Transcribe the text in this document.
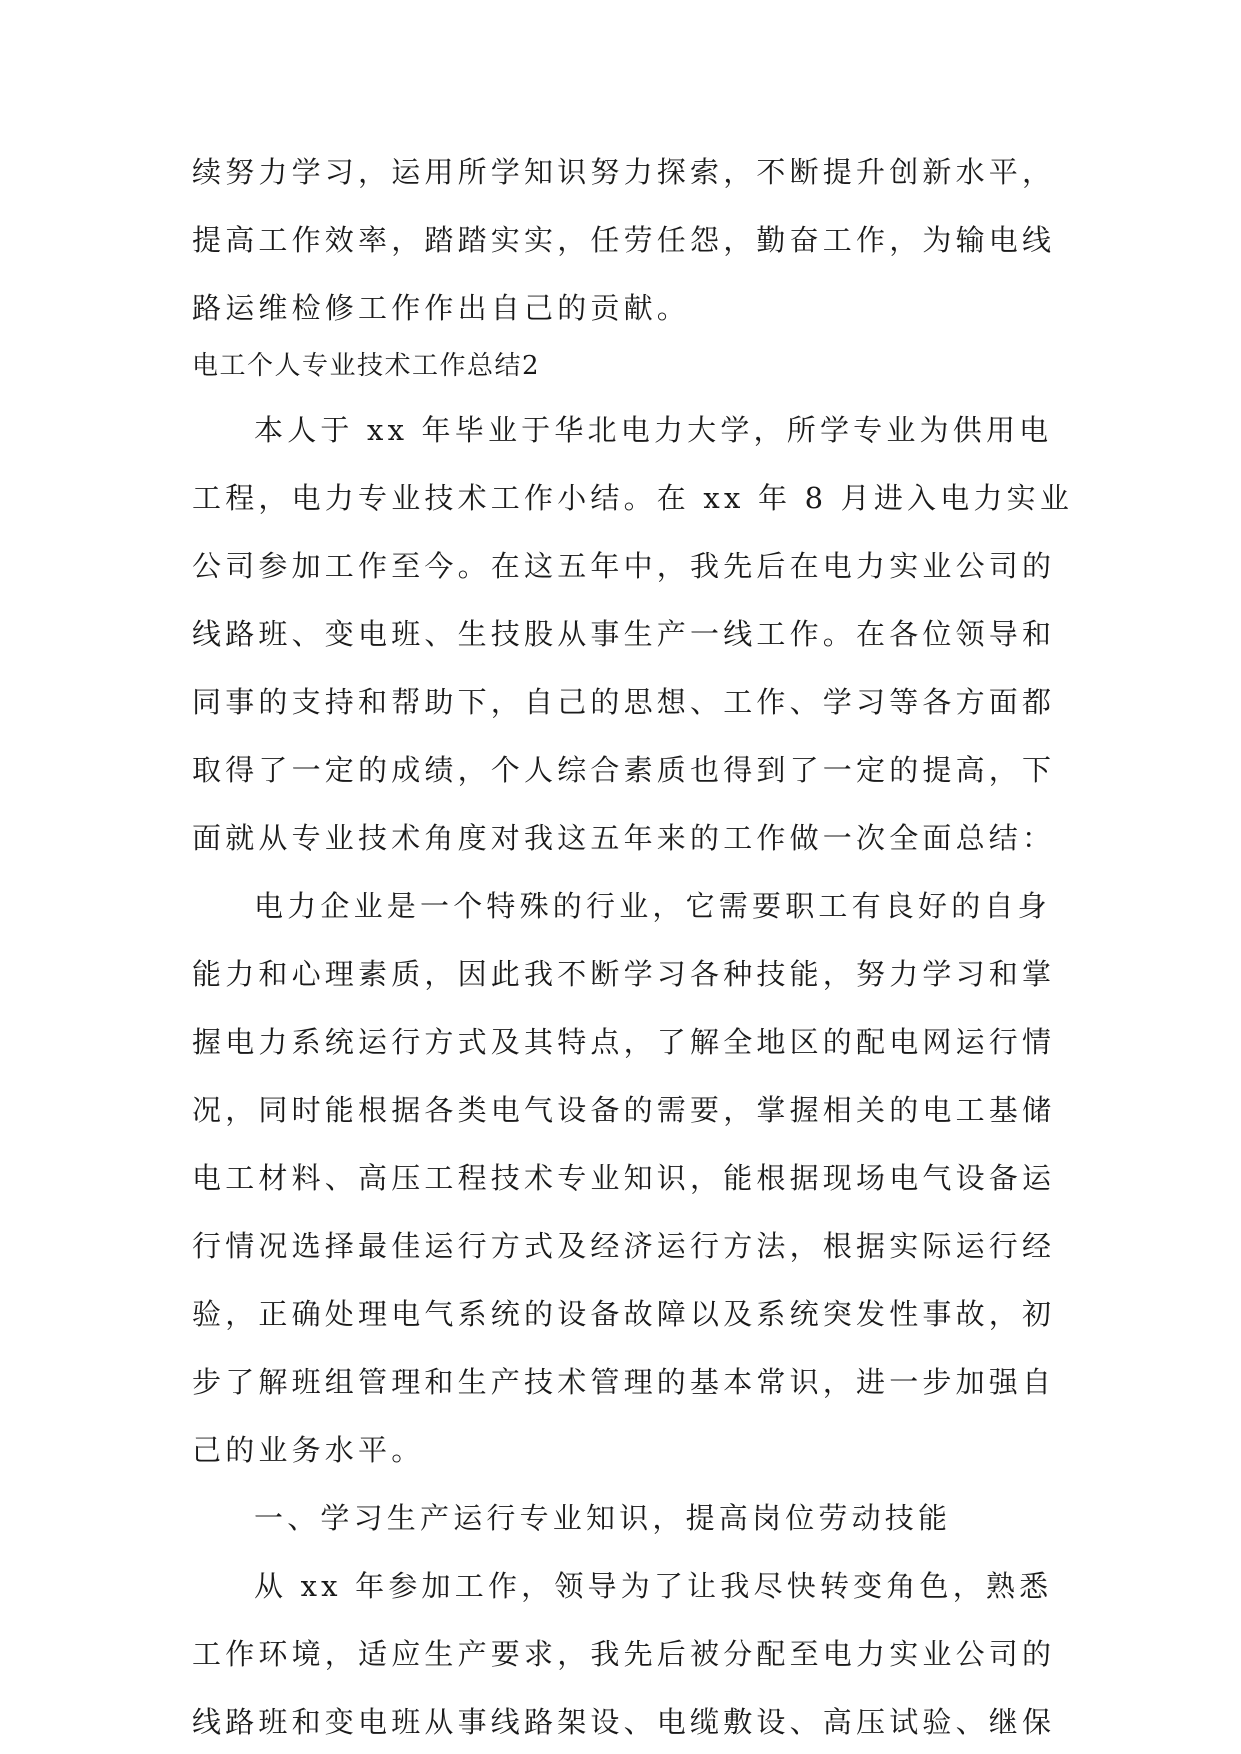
续努力学习，运用所学知识努力探索，不断提升创新水平，
提高工作效率，踏踏实实，任劳任怨，勤奋工作，为输电线
路运维检修工作作出自己的贡献。
电工个人专业技术工作总结2
本人于 xx 年毕业于华北电力大学，所学专业为供用电
工程，电力专业技术工作小结。在 xx 年 8 月进入电力实业
公司参加工作至今。在这五年中，我先后在电力实业公司的
线路班、变电班、生技股从事生产一线工作。在各位领导和
同事的支持和帮助下，自己的思想、工作、学习等各方面都
取得了一定的成绩，个人综合素质也得到了一定的提高，下
面就从专业技术角度对我这五年来的工作做一次全面总结：
电力企业是一个特殊的行业，它需要职工有良好的自身
能力和心理素质，因此我不断学习各种技能，努力学习和掌
握电力系统运行方式及其特点，了解全地区的配电网运行情
况，同时能根据各类电气设备的需要，掌握相关的电工基储
电工材料、高压工程技术专业知识，能根据现场电气设备运
行情况选择最佳运行方式及经济运行方法，根据实际运行经
验，正确处理电气系统的设备故障以及系统突发性事故，初
步了解班组管理和生产技术管理的基本常识，进一步加强自
己的业务水平。
一、学习生产运行专业知识，提高岗位劳动技能
从 xx 年参加工作，领导为了让我尽快转变角色，熟悉
工作环境，适应生产要求，我先后被分配至电力实业公司的
线路班和变电班从事线路架设、电缆敷设、高压试验、继保
